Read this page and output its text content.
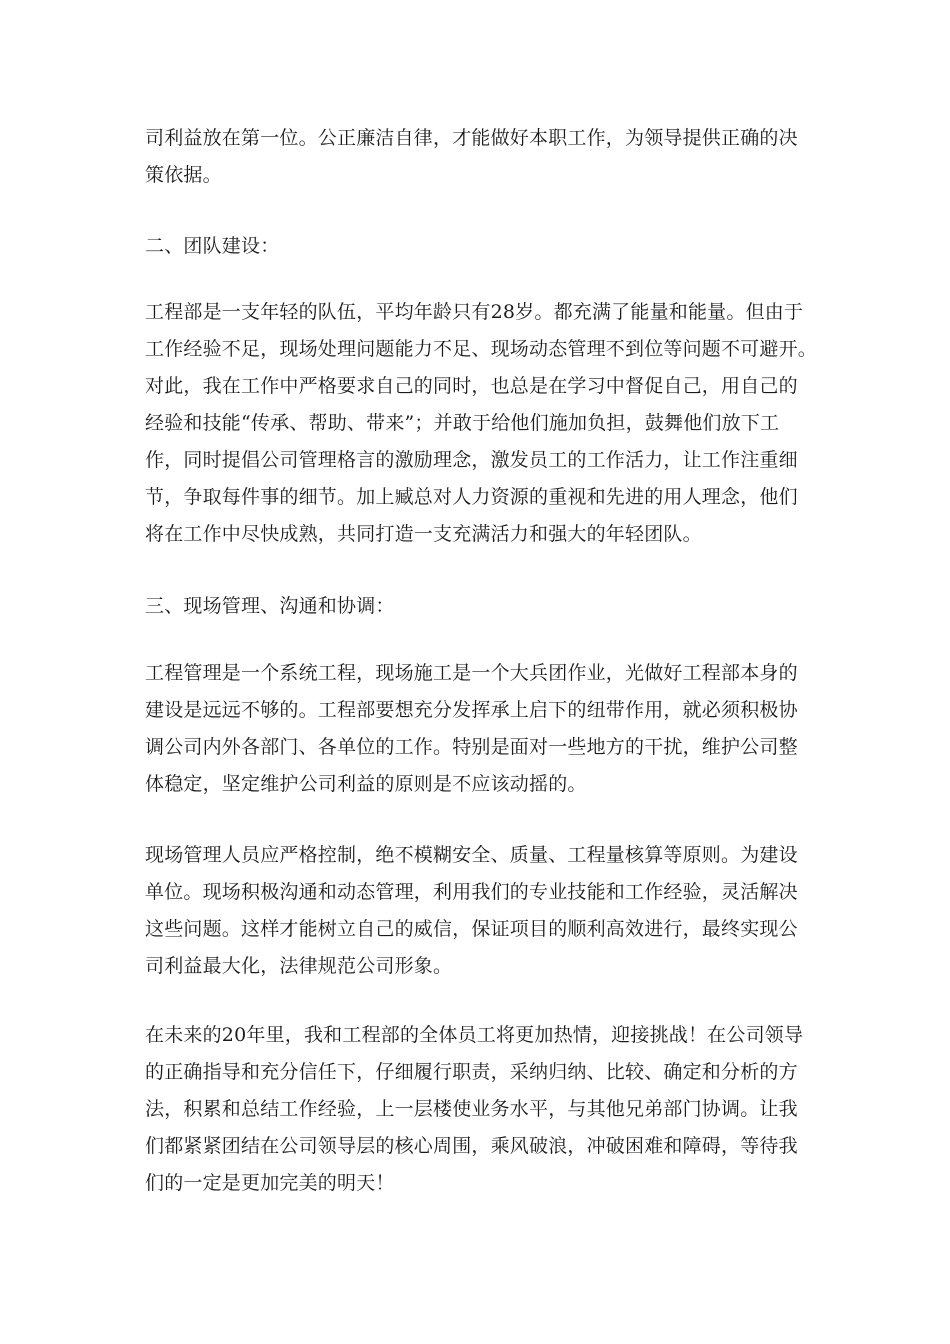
司利益放在第一位。公正廉洁自律，才能做好本职工作，为领导提供正确的决
策依据。
二、团队建设：
工程部是一支年轻的队伍，平均年龄只有28岁。都充满了能量和能量。但由于
工作经验不足，现场处理问题能力不足、现场动态管理不到位等问题不可避开。
对此，我在工作中严格要求自己的同时，也总是在学习中督促自己，用自己的
经验和技能“传承、帮助、带来”；并敢于给他们施加负担，鼓舞他们放下工
作，同时提倡公司管理格言的激励理念，激发员工的工作活力，让工作注重细
节，争取每件事的细节。加上臧总对人力资源的重视和先进的用人理念，他们
将在工作中尽快成熟，共同打造一支充满活力和强大的年轻团队。
三、现场管理、沟通和协调：
工程管理是一个系统工程，现场施工是一个大兵团作业，光做好工程部本身的
建设是远远不够的。工程部要想充分发挥承上启下的纽带作用，就必须积极协
调公司内外各部门、各单位的工作。特别是面对一些地方的干扰，维护公司整
体稳定，坚定维护公司利益的原则是不应该动摇的。
现场管理人员应严格控制，绝不模糊安全、质量、工程量核算等原则。为建设
单位。现场积极沟通和动态管理，利用我们的专业技能和工作经验，灵活解决
这些问题。这样才能树立自己的威信，保证项目的顺利高效进行，最终实现公
司利益最大化，法律规范公司形象。
在未来的20年里，我和工程部的全体员工将更加热情，迎接挑战！在公司领导
的正确指导和充分信任下，仔细履行职责，采纳归纳、比较、确定和分析的方
法，积累和总结工作经验，上一层楼使业务水平，与其他兄弟部门协调。让我
们都紧紧团结在公司领导层的核心周围，乘风破浪，冲破困难和障碍，等待我
们的一定是更加完美的明天！
